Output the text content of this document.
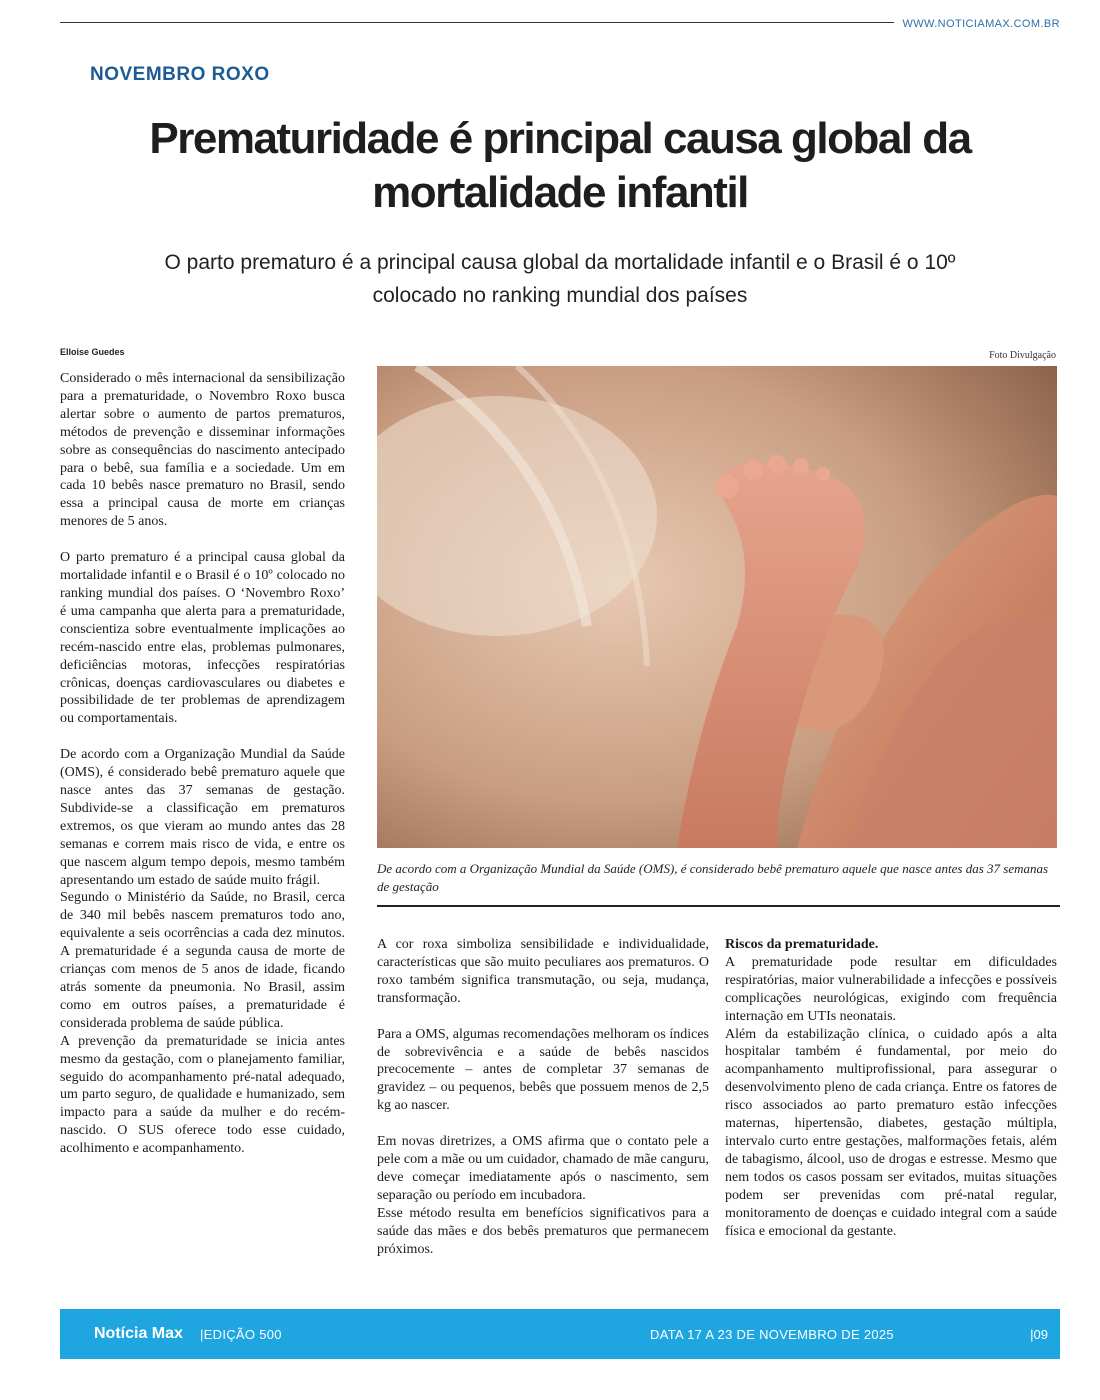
WWW.NOTICIAMAX.COM.BR
NOVEMBRO ROXO
Prematuridade é principal causa global da mortalidade infantil

O parto prematuro é a principal causa global da mortalidade infantil e o Brasil é o 10º colocado no ranking mundial dos países

Elloise Guedes	Foto Divulgação

De acordo com a Organização Mundial da Saúde (OMS), é considerado bebê prematuro aquele que nasce antes das 37 semanas de gestação

Considerado o mês internacional da sensibilização para a prematuridade, o Novembro Roxo busca alertar sobre o aumento de partos prematuros, métodos de prevenção e disseminar informações sobre as consequências do nascimento antecipado para o bebê, sua família e a sociedade. Um em cada 10 bebês nasce prematuro no Brasil, sendo essa a principal causa de morte em crianças menores de 5 anos.

O parto prematuro é a principal causa global da mortalidade infantil e o Brasil é o 10º colocado no ranking mundial dos países. O ‘Novembro Roxo’ é uma campanha que alerta para a prematuridade, conscientiza sobre eventualmente implicações ao recém-nascido entre elas, problemas pulmonares, deficiências motoras, infecções respiratórias crônicas, doenças cardiovasculares ou diabetes e possibilidade de ter problemas de aprendizagem ou comportamentais.

De acordo com a Organização Mundial da Saúde (OMS), é considerado bebê prematuro aquele que nasce antes das 37 semanas de gestação. Subdivide-se a classificação em prematuros extremos, os que vieram ao mundo antes das 28 semanas e correm mais risco de vida, e entre os que nascem algum tempo depois, mesmo também apresentando um estado de saúde muito frágil.

Segundo o Ministério da Saúde, no Brasil, cerca de 340 mil bebês nascem prematuros todo ano, equivalente a seis ocorrências a cada dez minutos. A prematuridade é a segunda causa de morte de crianças com menos de 5 anos de idade, ficando atrás somente da pneumonia. No Brasil, assim como em outros países, a prematuridade é considerada problema de saúde pública.

A prevenção da prematuridade se inicia antes mesmo da gestação, com o planejamento familiar, seguido do acompanhamento pré-natal adequado, um parto seguro, de qualidade e humanizado, sem impacto para a saúde da mulher e do recém-nascido. O SUS oferece todo esse cuidado, acolhimento e acompanhamento.

A cor roxa simboliza sensibilidade e individualidade, características que são muito peculiares aos prematuros. O roxo também significa transmutação, ou seja, mudança, transformação.

Para a OMS, algumas recomendações melhoram os índices de sobrevivência e a saúde de bebês nascidos precocemente – antes de completar 37 semanas de gravidez – ou pequenos, bebês que possuem menos de 2,5 kg ao nascer.

Em novas diretrizes, a OMS afirma que o contato pele a pele com a mãe ou um cuidador, chamado de mãe canguru, deve começar imediatamente após o nascimento, sem separação ou período em incubadora.

Esse método resulta em benefícios significativos para a saúde das mães e dos bebês prematuros que permanecem próximos.

Riscos da prematuridade.

A prematuridade pode resultar em dificuldades respiratórias, maior vulnerabilidade a infecções e possíveis complicações neurológicas, exigindo com frequência internação em UTIs neonatais.

Além da estabilização clínica, o cuidado após a alta hospitalar também é fundamental, por meio do acompanhamento multiprofissional, para assegurar o desenvolvimento pleno de cada criança. Entre os fatores de risco associados ao parto prematuro estão infecções maternas, hipertensão, diabetes, gestação múltipla, intervalo curto entre gestações, malformações fetais, além de tabagismo, álcool, uso de drogas e estresse. Mesmo que nem todos os casos possam ser evitados, muitas situações podem ser prevenidas com pré-natal regular, monitoramento de doenças e cuidado integral com a saúde física e emocional da gestante.

Notícia Max |EDIÇÃO 500	DATA 17 A 23 DE NOVEMBRO DE 2025	|09
